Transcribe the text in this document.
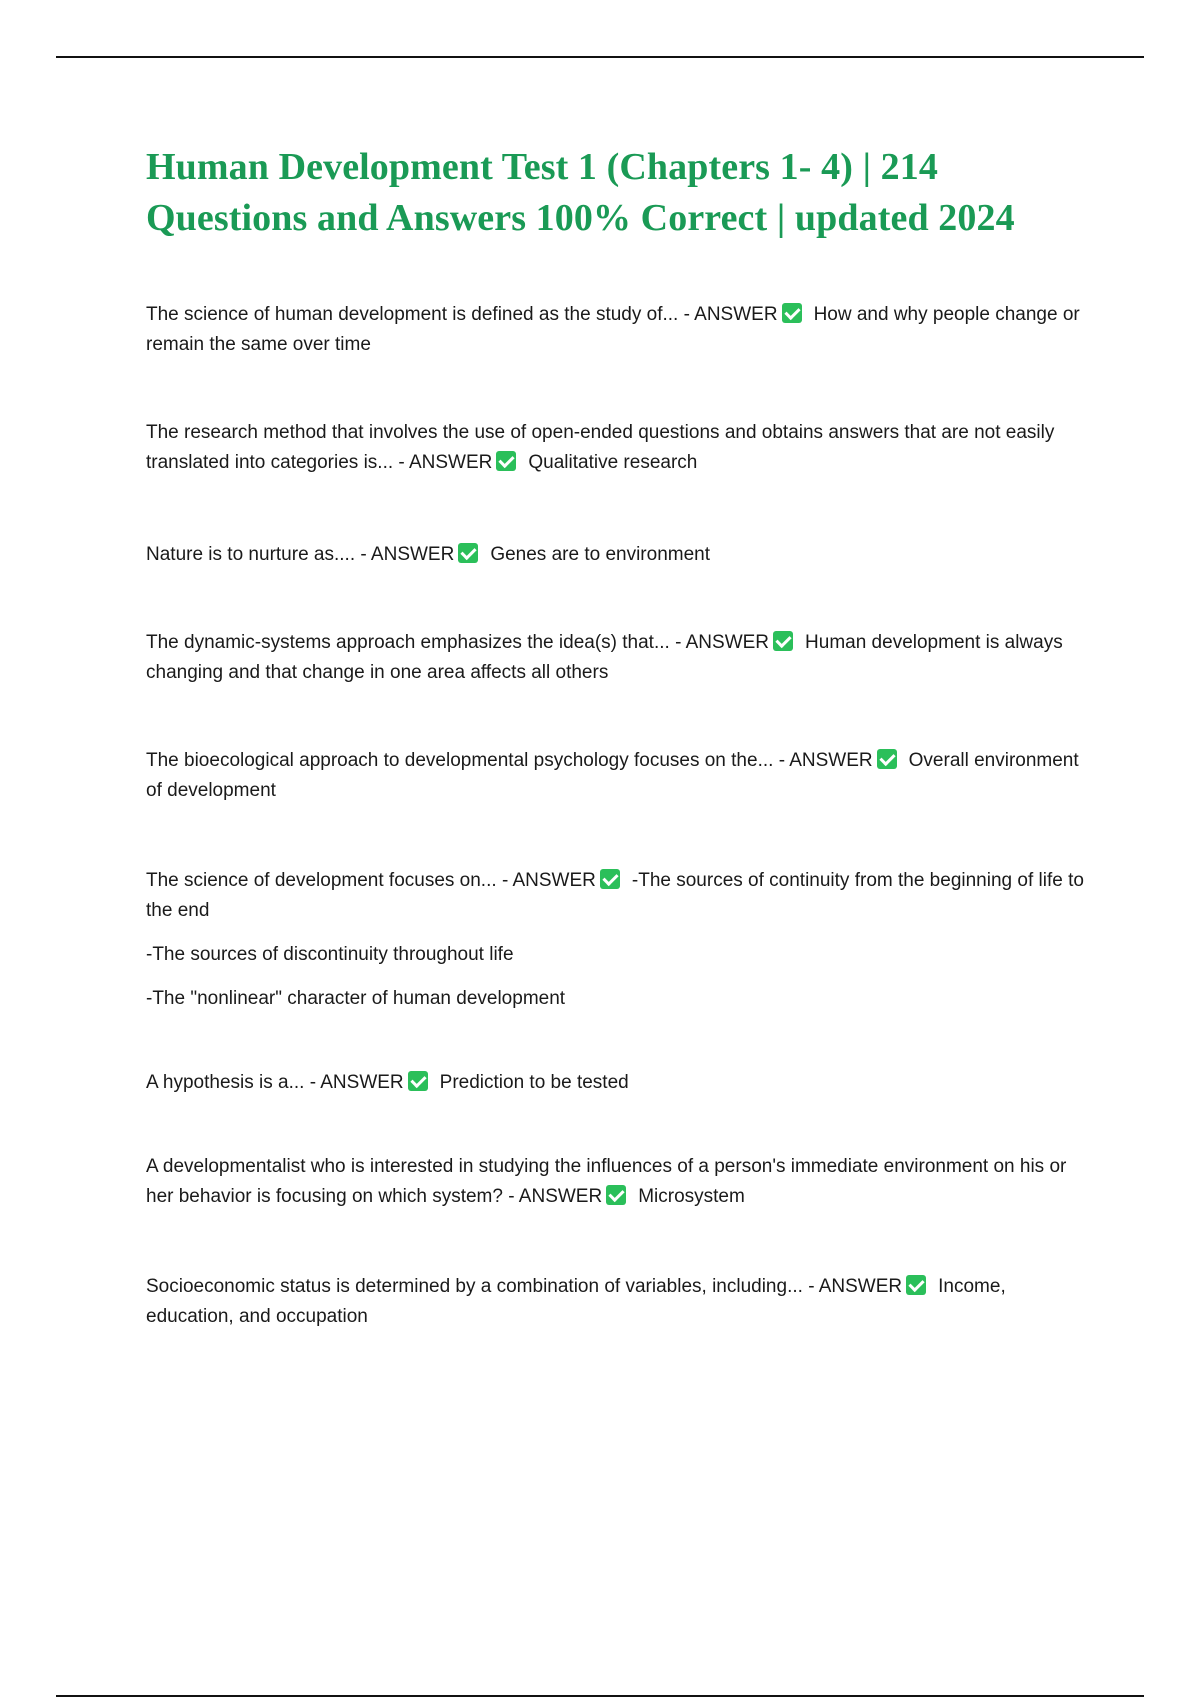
Human Development Test 1 (Chapters 1- 4) | 214 Questions and Answers 100% Correct | updated 2024

The science of human development is defined as the study of... - ANSWER How and why people change or remain the same over time

The research method that involves the use of open-ended questions and obtains answers that are not easily translated into categories is... - ANSWER Qualitative research

Nature is to nurture as.... - ANSWER Genes are to environment

The dynamic-systems approach emphasizes the idea(s) that... - ANSWER Human development is always changing and that change in one area affects all others

The bioecological approach to developmental psychology focuses on the... - ANSWER Overall environment of development

The science of development focuses on... - ANSWER -The sources of continuity from the beginning of life to the end

-The sources of discontinuity throughout life

-The "nonlinear" character of human development

A hypothesis is a... - ANSWER Prediction to be tested

A developmentalist who is interested in studying the influences of a person's immediate environment on his or her behavior is focusing on which system? - ANSWER Microsystem

Socioeconomic status is determined by a combination of variables, including... - ANSWER Income, education, and occupation
